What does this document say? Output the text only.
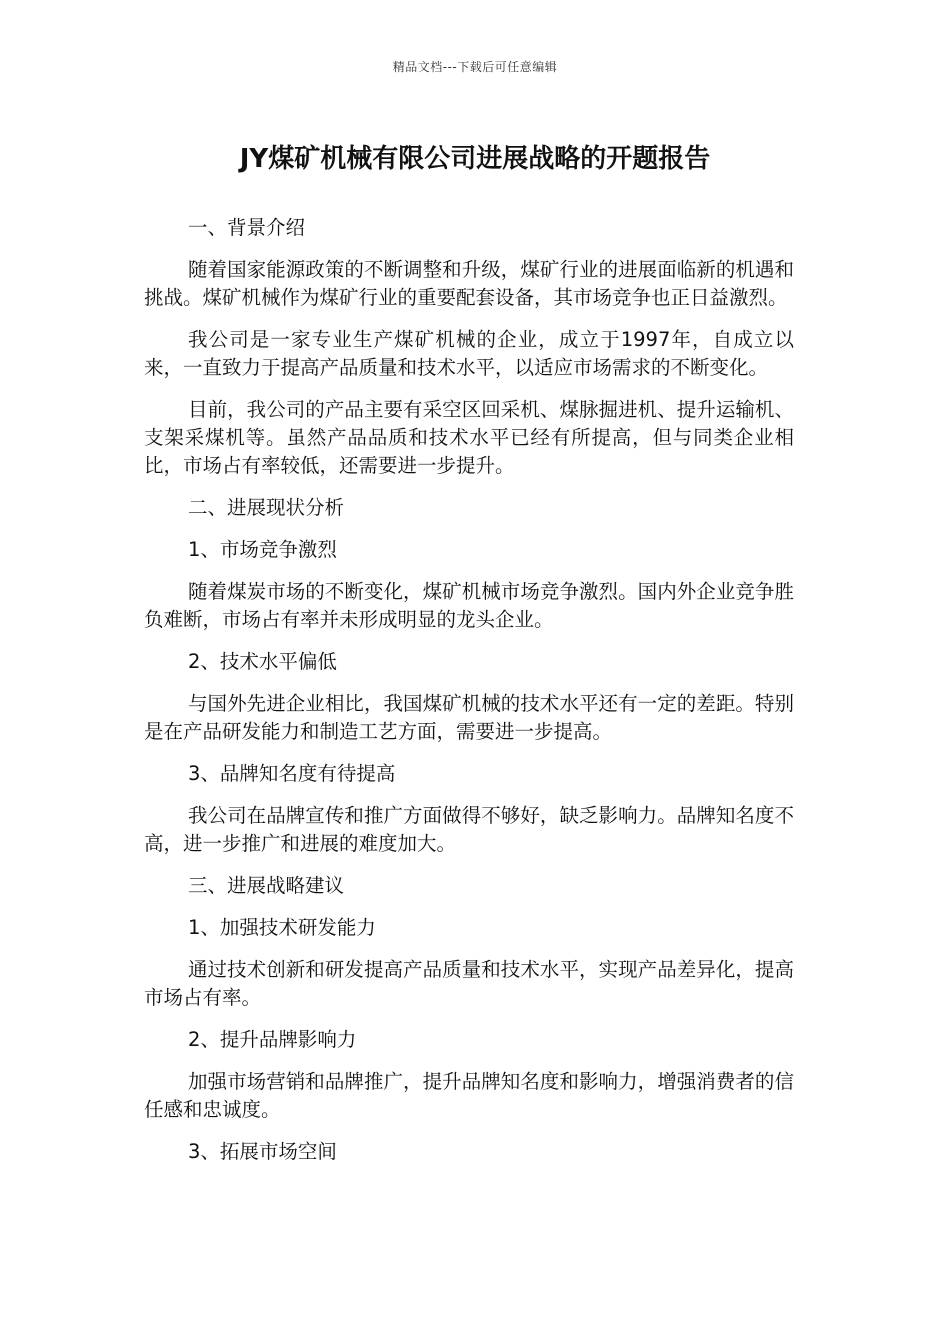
精品文档---下载后可任意编辑
JY煤矿机械有限公司进展战略的开题报告

一、背景介绍

随着国家能源政策的不断调整和升级，煤矿行业的进展面临新的机遇和挑战。煤矿机械作为煤矿行业的重要配套设备，其市场竞争也正日益激烈。

我公司是一家专业生产煤矿机械的企业，成立于1997年，自成立以来，一直致力于提高产品质量和技术水平，以适应市场需求的不断变化。

目前，我公司的产品主要有采空区回采机、煤脉掘进机、提升运输机、支架采煤机等。虽然产品品质和技术水平已经有所提高，但与同类企业相比，市场占有率较低，还需要进一步提升。

二、进展现状分析

1、市场竞争激烈

随着煤炭市场的不断变化，煤矿机械市场竞争激烈。国内外企业竞争胜负难断，市场占有率并未形成明显的龙头企业。

2、技术水平偏低

与国外先进企业相比，我国煤矿机械的技术水平还有一定的差距。特别是在产品研发能力和制造工艺方面，需要进一步提高。

3、品牌知名度有待提高

我公司在品牌宣传和推广方面做得不够好，缺乏影响力。品牌知名度不高，进一步推广和进展的难度加大。

三、进展战略建议

1、加强技术研发能力

通过技术创新和研发提高产品质量和技术水平，实现产品差异化，提高市场占有率。

2、提升品牌影响力

加强市场营销和品牌推广，提升品牌知名度和影响力，增强消费者的信任感和忠诚度。

3、拓展市场空间
